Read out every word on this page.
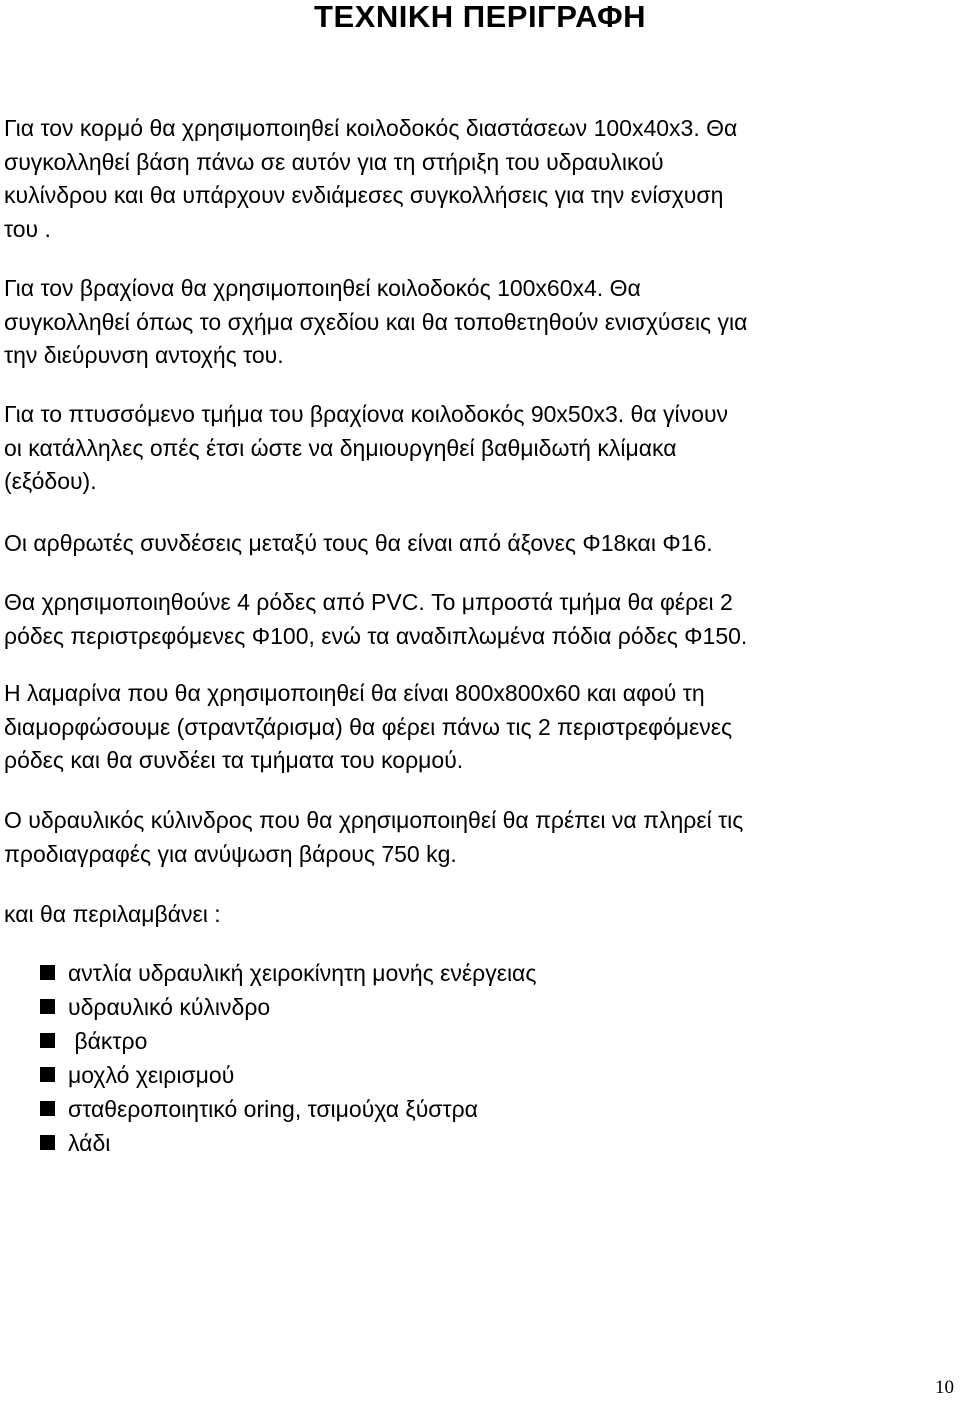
ΤΕΧΝΙΚΗ ΠΕΡΙΓΡΑΦΗ
Για τον κορμό θα χρησιμοποιηθεί κοιλοδοκός διαστάσεων 100x40x3. Θα
συγκολληθεί βάση πάνω σε αυτόν για τη στήριξη του υδραυλικού
κυλίνδρου και θα υπάρχουν ενδιάμεσες συγκολλήσεις για την ενίσχυση
του .
Για τον βραχίονα θα χρησιμοποιηθεί κοιλοδοκός 100x60x4. Θα
συγκολληθεί όπως το σχήμα σχεδίου και θα τοποθετηθούν ενισχύσεις για
την διεύρυνση αντοχής του.
Για το πτυσσόμενο τμήμα του βραχίονα κοιλοδοκός 90x50x3. θα γίνουν
οι κατάλληλες οπές έτσι ώστε να δημιουργηθεί βαθμιδωτή κλίμακα
(εξόδου).
Οι αρθρωτές συνδέσεις μεταξύ τους θα είναι από άξονες Φ18και Φ16.
Θα χρησιμοποιηθούνε 4 ρόδες από PVC. Το μπροστά τμήμα θα φέρει 2
ρόδες περιστρεφόμενες Φ100, ενώ τα αναδιπλωμένα πόδια ρόδες Φ150.
Η λαμαρίνα που θα χρησιμοποιηθεί θα είναι 800x800x60 και αφού τη
διαμορφώσουμε (στραντζάρισμα) θα φέρει πάνω τις 2 περιστρεφόμενες
ρόδες και θα συνδέει τα τμήματα του κορμού.
Ο υδραυλικός κύλινδρος που θα χρησιμοποιηθεί θα πρέπει να πληρεί τις
προδιαγραφές για ανύψωση βάρους 750 kg.
και θα περιλαμβάνει :
αντλία υδραυλική χειροκίνητη μονής ενέργειας
υδραυλικό κύλινδρο
βάκτρο
μοχλό χειρισμού
σταθεροποιητικό oring, τσιμούχα ξύστρα
λάδι
10
